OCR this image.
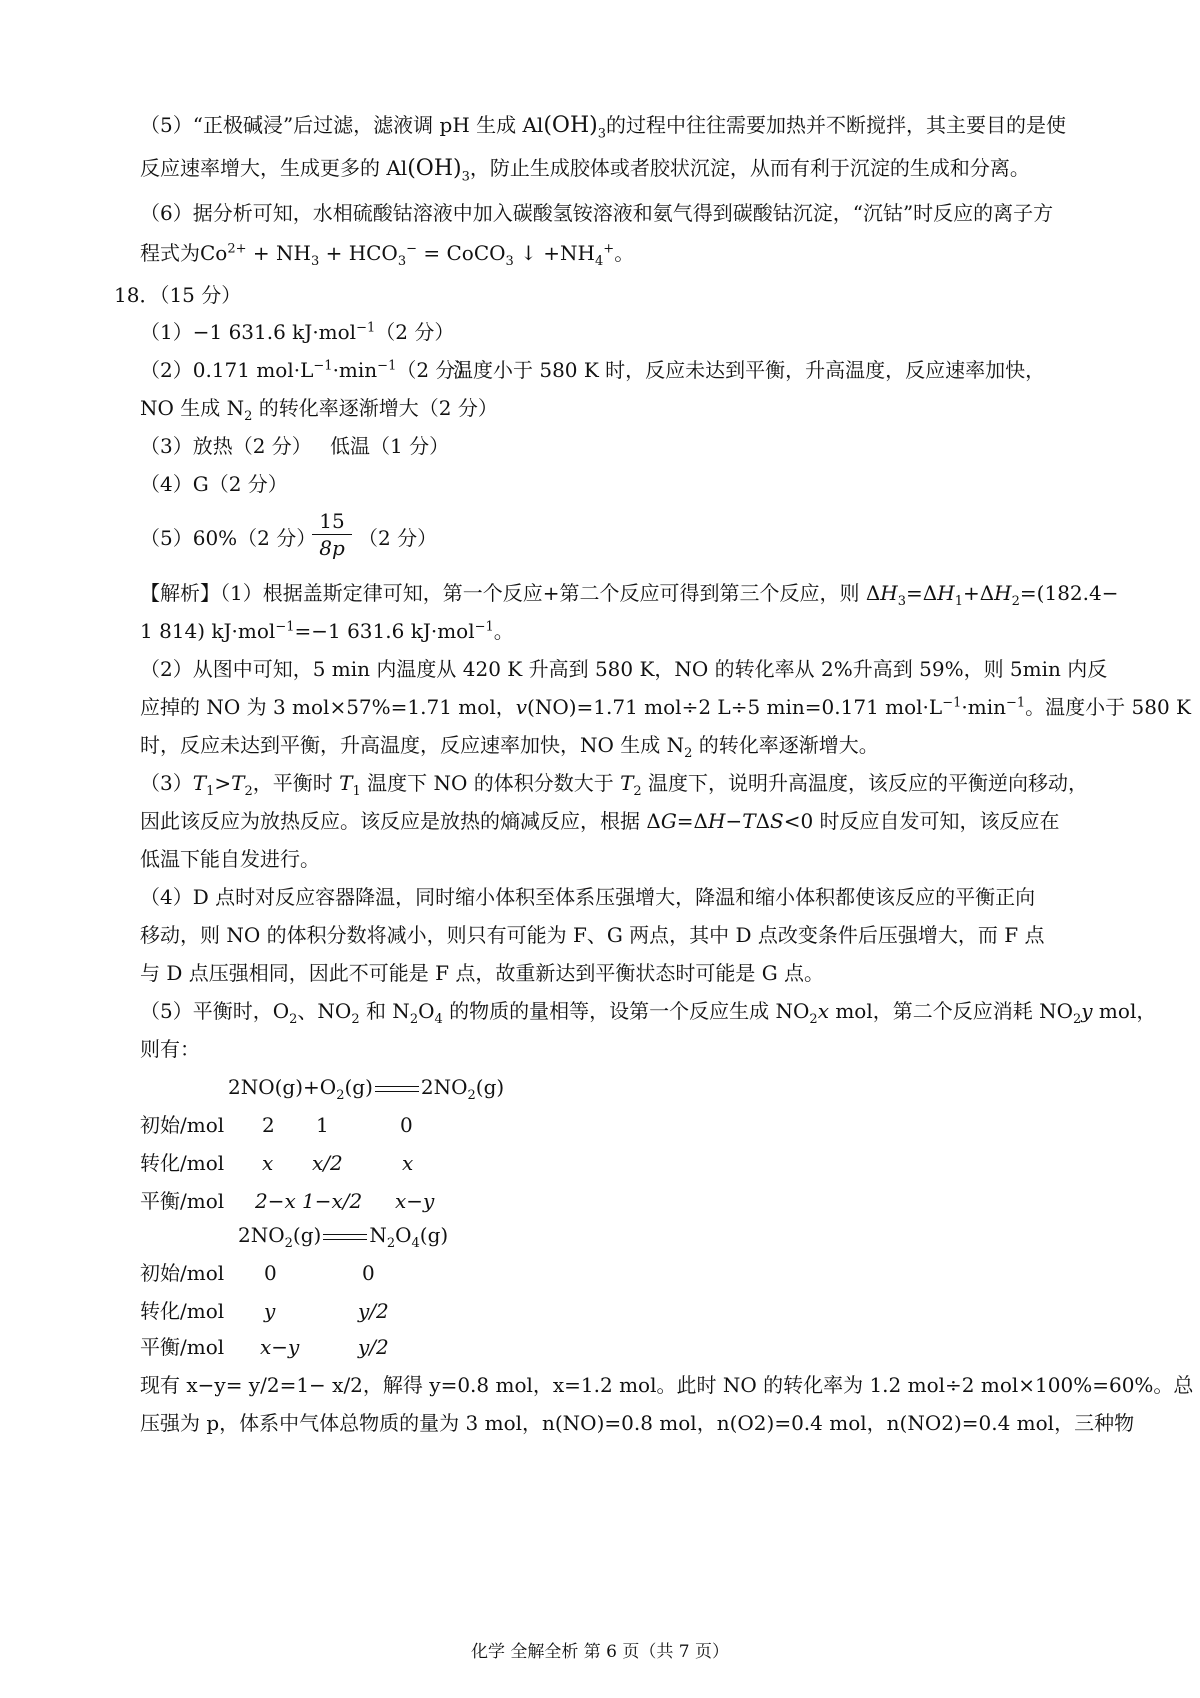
（5）“正极碱浸”后过滤，滤液调 pH 生成 $Al(OH)_3$的过程中往往需要加热并不断搅拌，其主要目的是使
反应速率增大，生成更多的 $Al(OH)_3$，防止生成胶体或者胶状沉淀，从而有利于沉淀的生成和分离。
（6）据分析可知，水相硫酸钴溶液中加入碳酸氢铵溶液和氨气得到碳酸钴沉淀，“沉钴”时反应的离子方
程式为$Co^{2+} + NH_3 + HCO_3^-$ = CoCO$_3$ ↓ $+NH_4^+$。
18．（15 分）
（1）−1 631.6 kJ·mol$^{-1}$（2 分）
（2）0.171 $mol\cdot L^{-1}\cdot\min^{-1}(2$ 分）
温度小于 580 K 时，反应未达到平衡，升高温度，反应速率加快，
NO 生成 $N_2$ 的转化率逐渐增大（2 分）
（3）放热（2 分） 低温（1 分）
（4）G（2 分）
（5）60%（2 分）
$\frac{15}{8p} (2$ 分）
【解析】（1）根据盖斯定律可知，第一个反应+第二个反应可得到第三个反应，则 $\Delta H_3=\Delta H_1+\Delta H_2=(182.4-$
1 814) kJ·mol$^{-1}$=−1 631.6 kJ·mol$^{-1}$。
（2）从图中可知，5 min 内温度从 420 K 升高到 580 K，NO 的转化率从 2%升高到 59%，则 5min 内反
应掉的 NO 为 3 mol×57%=1.71 mol，v(NO)=1.71 mol÷2 L÷5 min=0.171 $mol\cdot L^{-1}\cdot\min^{-1}$。温度小于 580 K
时，反应未达到平衡，升高温度，反应速率加快，NO 生成 $N_2$ 的转化率逐渐增大。
$(3)T_1>T_2$，平衡时 $T_1$ 温度下 NO 的体积分数大于 $T_2$ 温度下，说明升高温度，该反应的平衡逆向移动，
因此该反应为放热反应。该反应是放热的熵减反应，根据 ΔG=ΔH−TΔS<0 时反应自发可知，该反应在
低温下能自发进行。
（4）D 点时对反应容器降温，同时缩小体积至体系压强增大，降温和缩小体积都使该反应的平衡正向
移动，则 NO 的体积分数将减小，则只有可能为 F、G 两点，其中 D 点改变条件后压强增大，而 F 点
与 D 点压强相同，因此不可能是 F 点，故重新达到平衡状态时可能是 G 点。
（5）平衡时，$O_2$、$NO_2$ 和 $N_2O_4$ 的物质的量相等，设第一个反应生成 $NO_2x$ mol，第二个反应消耗 $NO_2y$ mol，
则有：
$2NO(g)+O_2(g)$ $2NO_2(g)$
初始/mol 2 1	0
转化/mol x x/2	x
平衡/mol 2−x 1−x/2 x−y
$2NO_2(g)$ $N_2O_4(g)$
初始/mol 0	0
转化/mol y	y/2
平衡/mol x−y	y/2
现有 x−y= y/2=1− x/2，解得 y=0.8 mol，x=1.2 mol。此时 NO 的转化率为 1.2 mol÷2 mol×100%=60%。总
压强为 p，体系中气体总物质的量为 3 mol，n(NO)=0.8 mol，n(O2)=0.4 mol，n(NO2)=0.4 mol，三种物
化学 全解全析 第 6 页（共 7 页）
